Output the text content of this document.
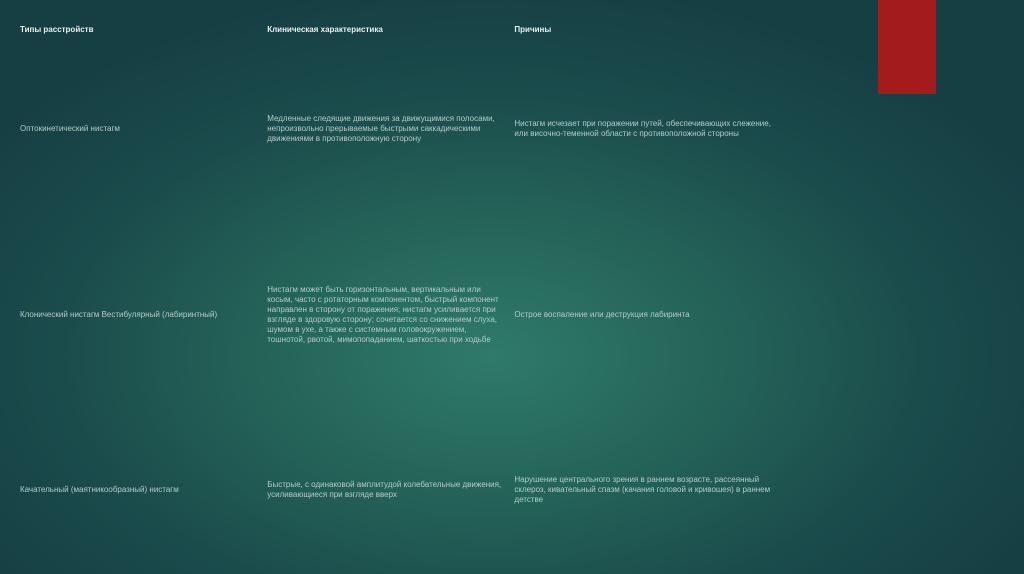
Типы расстройств	Клиническая характеристика	Причины
Оптокинетический нистагм	Медленные следящие движения за движущимися полосами, непроизвольно прерываемые быстрыми саккадическими движениями в противоположную сторону	Нистагм исчезает при поражении путей, обеспечивающих слежение, или височно-теменной области с противоположной стороны
Клонический нистагм Вестибулярный (лабиринтный)	Нистагм может быть горизонтальным, вертикальным или косым, часто с ротаторным компонентом, быстрый компонент направлен в сторону от поражения; нистагм усиливается при взгляде в здоровую сторону; сочетается со снижением слуха, шумом в ухе, а также с системным головокружением, тошнотой, рвотой, мимопопаданием, шаткостью при ходьбе	Острое воспаление или деструкция лабиринта
Качательный (маятникообразный) нистагм	Быстрые, с одинаковой амплитудой колебательные движения, усиливающиеся при взгляде вверх	Нарушение центрального зрения в раннем возрасте, рассеянный склероз, кивательный спазм (качания головой и кривошея) в раннем детстве
